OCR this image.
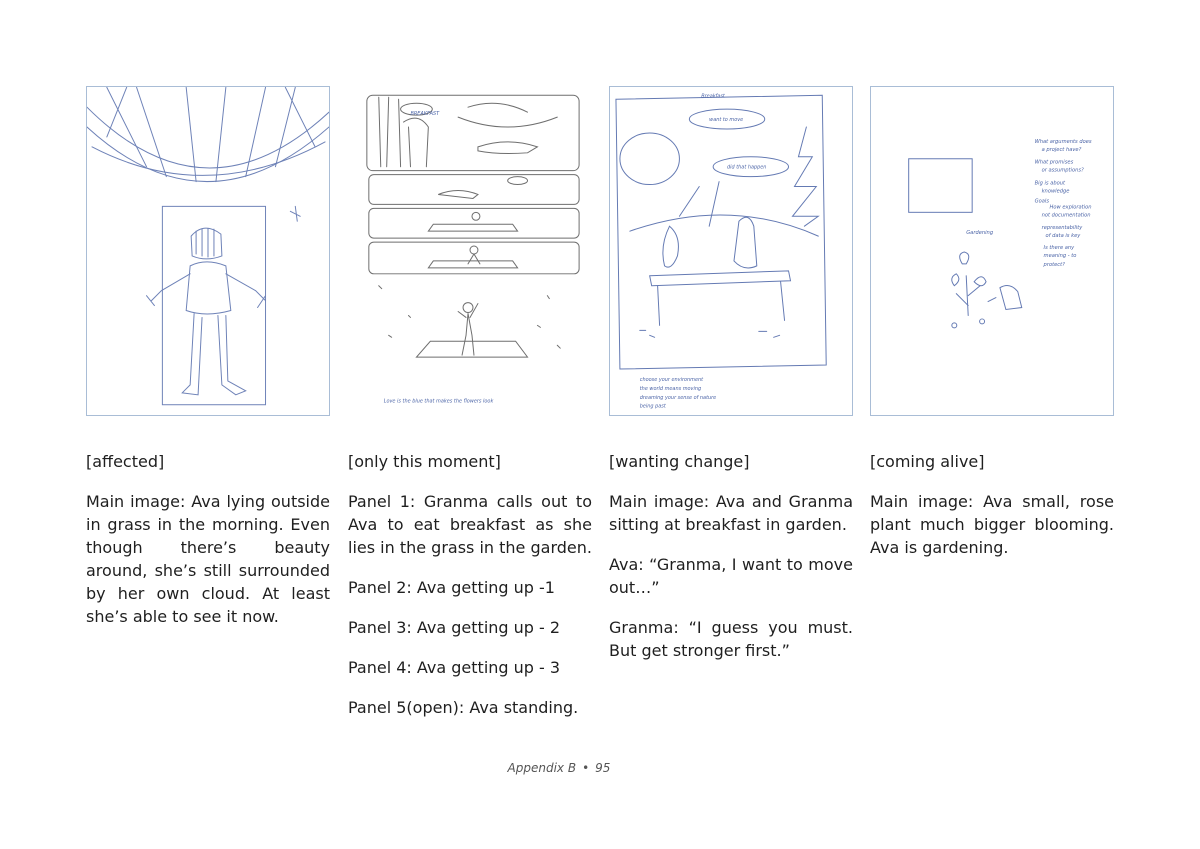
BREAKFAST
Love is the blue that makes the flowers look
Breakfast
want to move
did that happen
choose your environment
the world means moving
dreaming your sense of nature
being past
What arguments does
a project have?
What promises
or assumptions?
Big is about
knowledge
Goals
How exploration
not documentation
Gardening
representability
of data is key
Is there any
meaning - to
protect?

[affected]

Main image: Ava lying outside in grass in the morning. Even though there’s beauty around, she’s still surrounded by her own cloud. At least she’s able to see it now.

[only this moment]

Panel 1: Granma calls out to Ava to eat breakfast as she lies in the grass in the garden.

Panel 2: Ava getting up -1

Panel 3: Ava getting up - 2

Panel 4: Ava getting up - 3

Panel 5(open): Ava standing.

[wanting change]

Main image: Ava and Granma sitting at breakfast in garden.

Ava: “Granma, I want to move out…”

Granma: “I guess you must. But get stronger first.”

[coming alive]

Main image: Ava small, rose plant much bigger blooming. Ava is gardening.

Appendix B • 95
